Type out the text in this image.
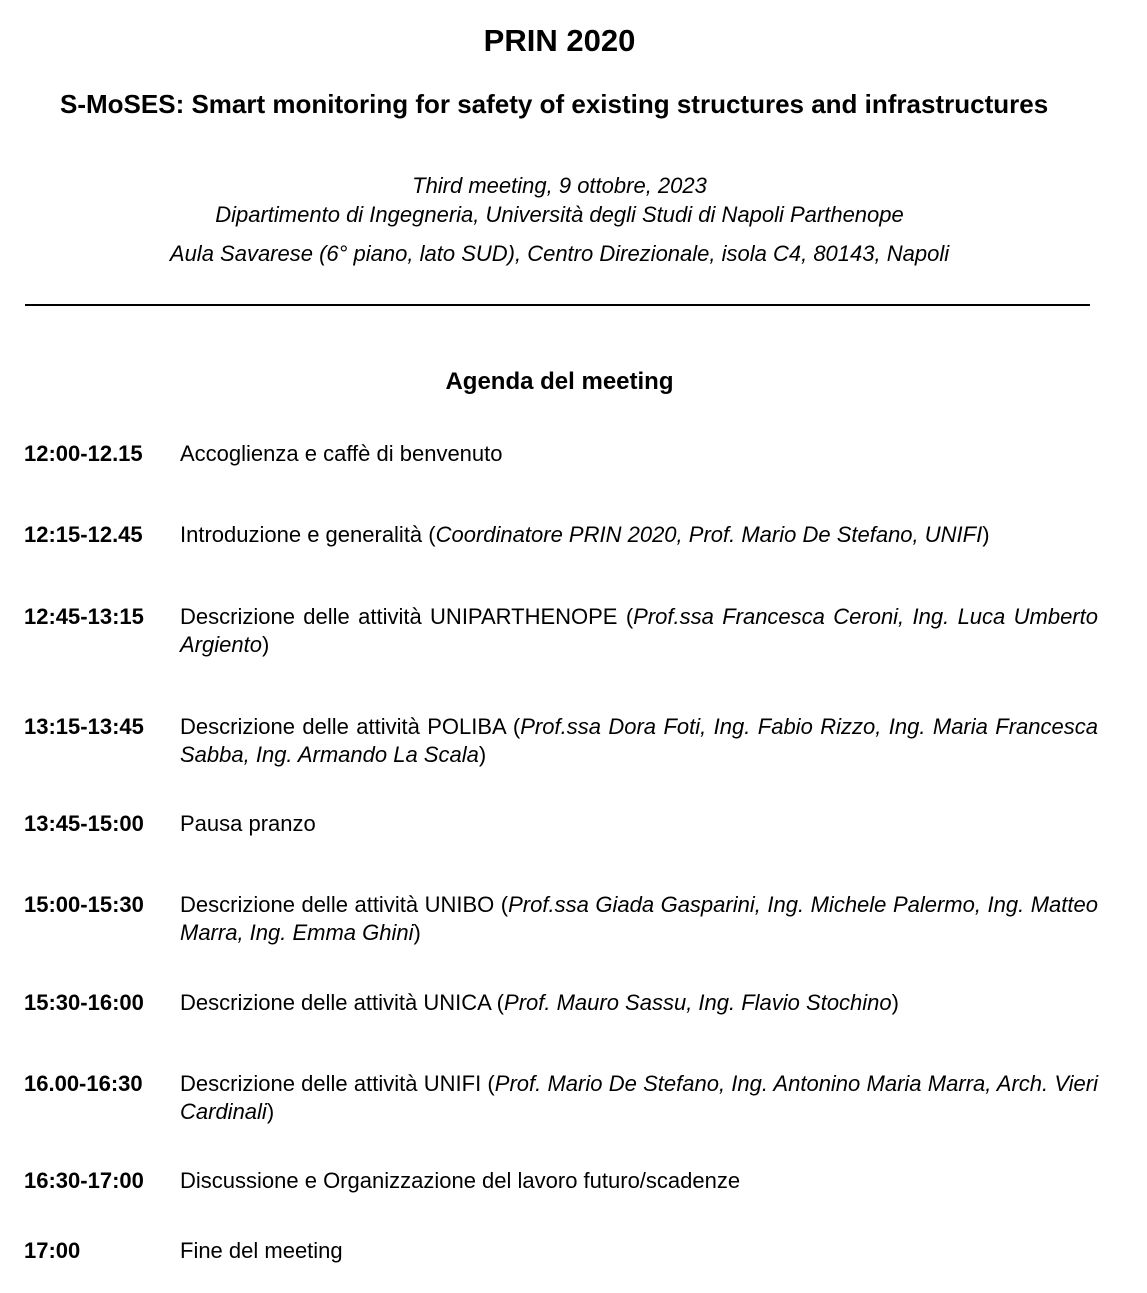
PRIN 2020
S-MoSES: Smart monitoring for safety of existing structures and infrastructures
Third meeting, 9 ottobre, 2023
Dipartimento di Ingegneria, Università degli Studi di Napoli Parthenope
Aula Savarese (6° piano, lato SUD), Centro Direzionale, isola C4, 80143, Napoli
Agenda del meeting
12:00-12.15 Accoglienza e caffè di benvenuto
12:15-12.45 Introduzione e generalità (Coordinatore PRIN 2020, Prof. Mario De Stefano, UNIFI)
12:45-13:15 Descrizione delle attività UNIPARTHENOPE (Prof.ssa Francesca Ceroni, Ing. Luca Umberto Argiento)
13:15-13:45 Descrizione delle attività POLIBA (Prof.ssa Dora Foti, Ing. Fabio Rizzo, Ing. Maria Francesca Sabba, Ing. Armando La Scala)
13:45-15:00 Pausa pranzo
15:00-15:30 Descrizione delle attività UNIBO (Prof.ssa Giada Gasparini, Ing. Michele Palermo, Ing. Matteo Marra, Ing. Emma Ghini)
15:30-16:00 Descrizione delle attività UNICA (Prof. Mauro Sassu, Ing. Flavio Stochino)
16.00-16:30 Descrizione delle attività UNIFI (Prof. Mario De Stefano, Ing. Antonino Maria Marra, Arch. Vieri Cardinali)
16:30-17:00 Discussione e Organizzazione del lavoro futuro/scadenze
17:00	Fine del meeting
